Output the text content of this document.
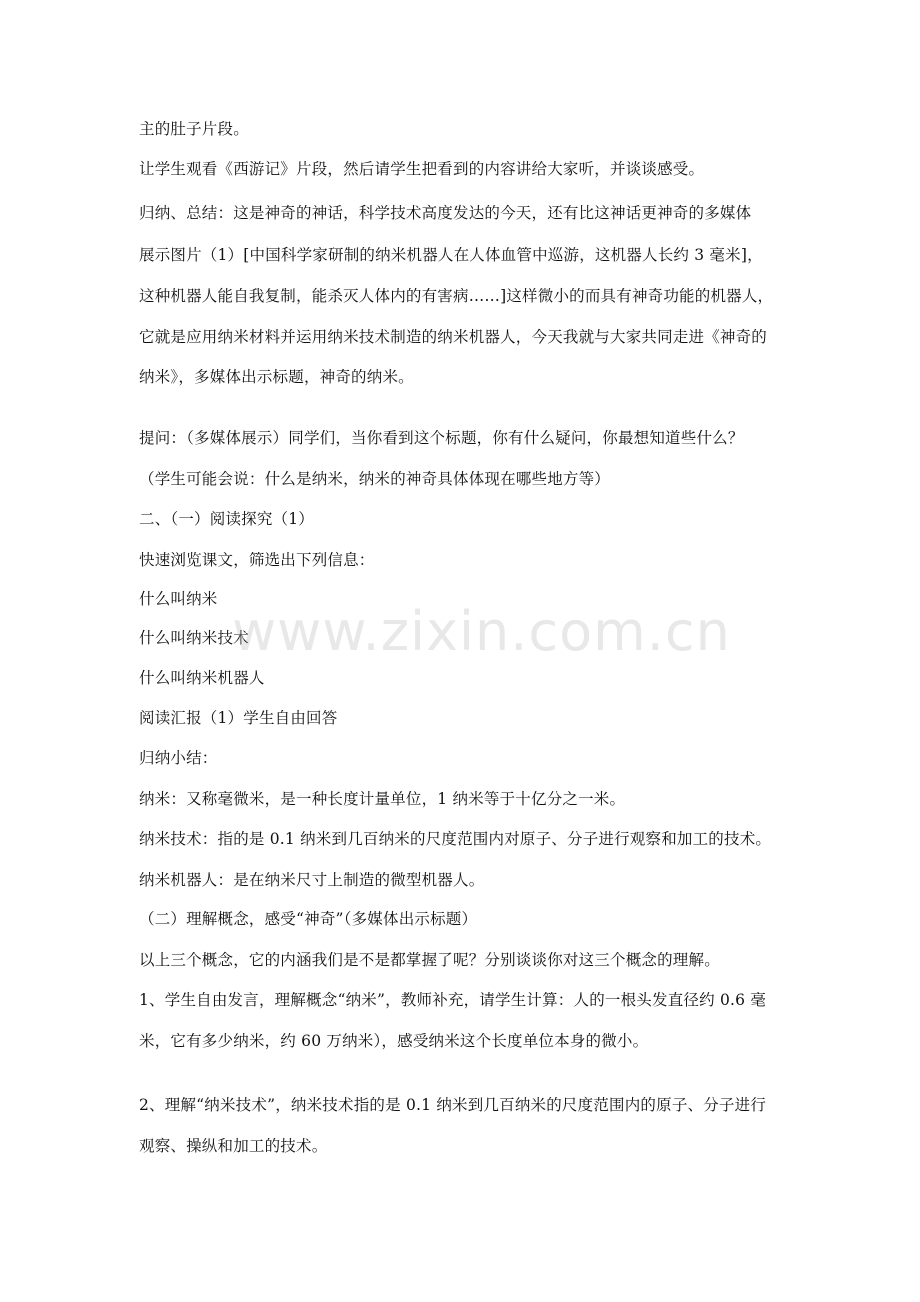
主的肚子片段。
让学生观看《西游记》片段，然后请学生把看到的内容讲给大家听，并谈谈感受。
归纳、总结：这是神奇的神话，科学技术高度发达的今天，还有比这神话更神奇的多媒体
展示图片（1）[中国科学家研制的纳米机器人在人体血管中巡游，这机器人长约 3 毫米]，
这种机器人能自我复制，能杀灭人体内的有害病……]这样微小的而具有神奇功能的机器人，
它就是应用纳米材料并运用纳米技术制造的纳米机器人，今天我就与大家共同走进《神奇的
纳米》，多媒体出示标题，神奇的纳米。
提问：（多媒体展示）同学们，当你看到这个标题，你有什么疑问，你最想知道些什么？
（学生可能会说：什么是纳米，纳米的神奇具体体现在哪些地方等）
二、（一）阅读探究（1）
快速浏览课文，筛选出下列信息：
什么叫纳米
什么叫纳米技术
什么叫纳米机器人
阅读汇报（1）学生自由回答
归纳小结：
纳米：又称毫微米，是一种长度计量单位，1 纳米等于十亿分之一米。
纳米技术：指的是 0.1 纳米到几百纳米的尺度范围内对原子、分子进行观察和加工的技术。
纳米机器人：是在纳米尺寸上制造的微型机器人。
（二）理解概念，感受“神奇”（多媒体出示标题）
以上三个概念，它的内涵我们是不是都掌握了呢？分别谈谈你对这三个概念的理解。
1、学生自由发言，理解概念“纳米”，教师补充，请学生计算：人的一根头发直径约 0.6 毫
米，它有多少纳米，约 60 万纳米），感受纳米这个长度单位本身的微小。
2、理解“纳米技术”，纳米技术指的是 0.1 纳米到几百纳米的尺度范围内的原子、分子进行
观察、操纵和加工的技术。
www.zixin.com.cn
